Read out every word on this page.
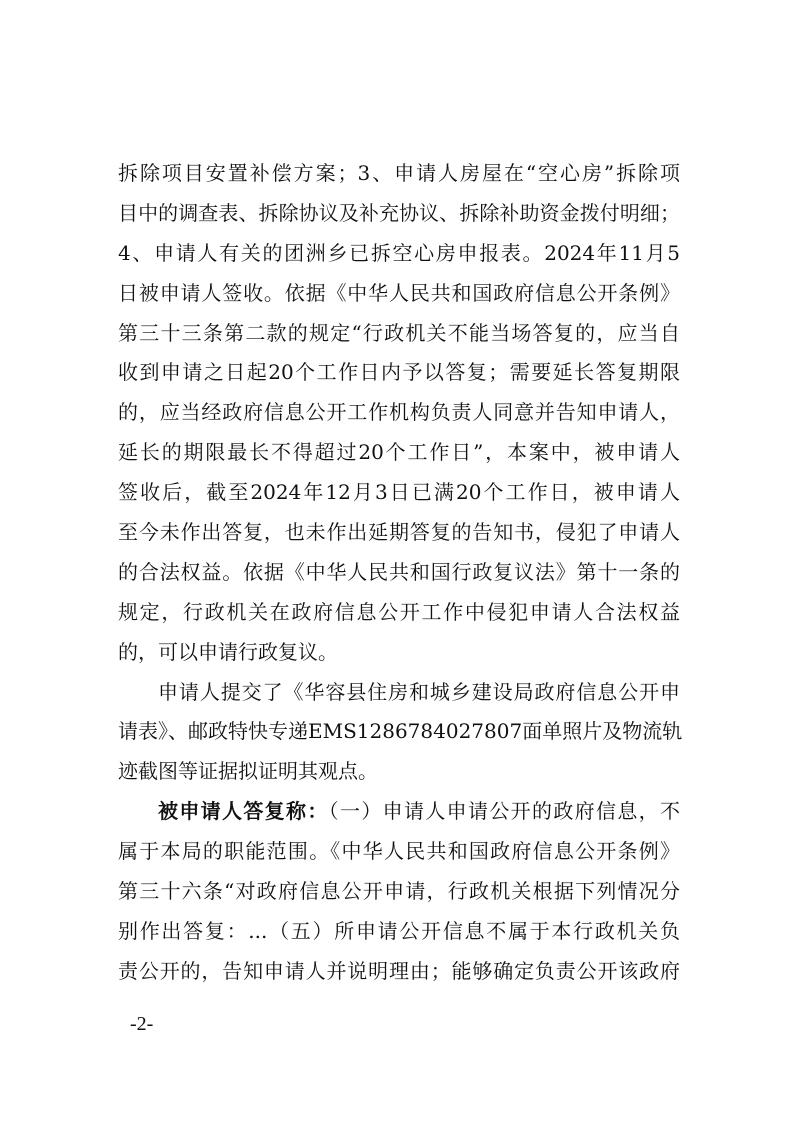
拆除项目安置补偿方案；3、申请人房屋在“空心房”拆除项
目中的调查表、拆除协议及补充协议、拆除补助资金拨付明细；
4、申请人有关的团洲乡已拆空心房申报表。2024年11月5
日被申请人签收。依据《中华人民共和国政府信息公开条例》
第三十三条第二款的规定“行政机关不能当场答复的，应当自
收到申请之日起20个工作日内予以答复；需要延长答复期限
的，应当经政府信息公开工作机构负责人同意并告知申请人，
延长的期限最长不得超过20个工作日”，本案中，被申请人
签收后，截至2024年12月3日已满20个工作日，被申请人
至今未作出答复，也未作出延期答复的告知书，侵犯了申请人
的合法权益。依据《中华人民共和国行政复议法》第十一条的
规定，行政机关在政府信息公开工作中侵犯申请人合法权益
的，可以申请行政复议。
申请人提交了《华容县住房和城乡建设局政府信息公开申
请表》、邮政特快专递EMS1286784027807面单照片及物流轨
迹截图等证据拟证明其观点。
被申请人答复称：（一）申请人申请公开的政府信息，不
属于本局的职能范围。《中华人民共和国政府信息公开条例》
第三十六条“对政府信息公开申请，行政机关根据下列情况分
别作出答复：...（五）所申请公开信息不属于本行政机关负
责公开的，告知申请人并说明理由；能够确定负责公开该政府
-2-
